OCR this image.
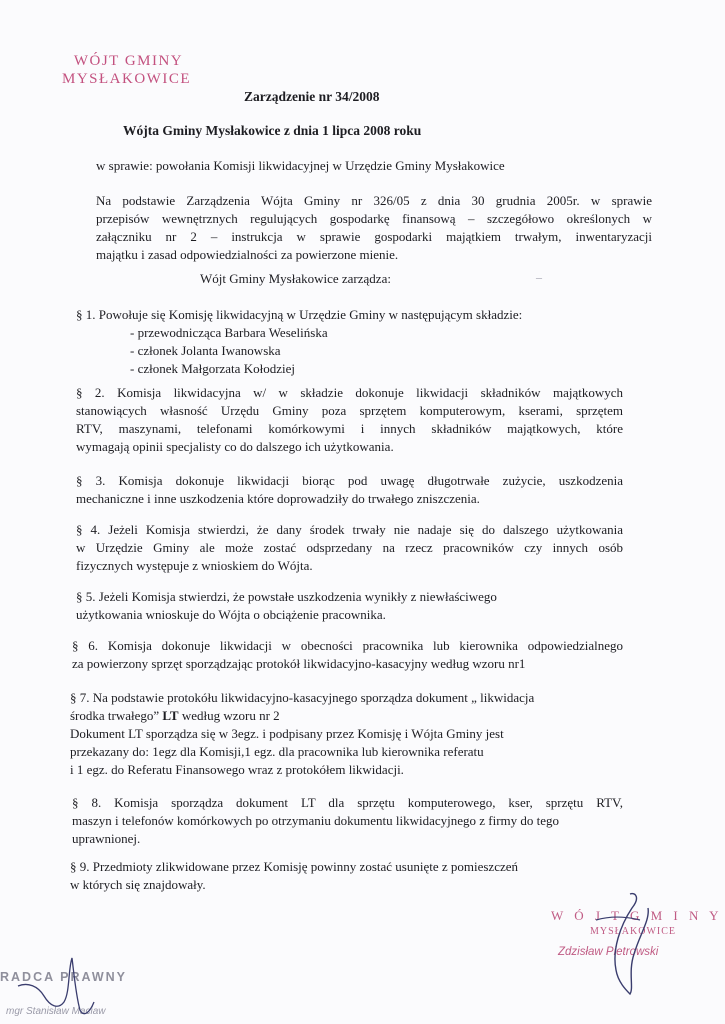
WÓJT GMINY
MYSŁAKOWICE
Zarządzenie nr 34/2008
Wójta Gminy Mysłakowice z dnia 1 lipca 2008 roku
w sprawie: powołania Komisji likwidacyjnej w Urzędzie Gminy Mysłakowice
Na podstawie Zarządzenia Wójta Gminy nr 326/05 z dnia 30 grudnia 2005r. w sprawie
przepisów wewnętrznych regulujących gospodarkę finansową – szczegółowo określonych w
załączniku nr 2 – instrukcja w sprawie gospodarki majątkiem trwałym, inwentaryzacji
majątku i zasad odpowiedzialności za powierzone mienie.
Wójt Gminy Mysłakowice zarządza:
§ 1. Powołuje się Komisję likwidacyjną w Urzędzie Gminy w następującym składzie:
- przewodnicząca Barbara Weselińska
- członek Jolanta Iwanowska
- członek Małgorzata Kołodziej
§ 2. Komisja likwidacyjna w/ w składzie dokonuje likwidacji składników majątkowych
stanowiących własność Urzędu Gminy poza sprzętem komputerowym, kserami, sprzętem
RTV, maszynami, telefonami komórkowymi i innych składników majątkowych, które
wymagają opinii specjalisty co do dalszego ich użytkowania.
§ 3. Komisja dokonuje likwidacji biorąc pod uwagę długotrwałe zużycie, uszkodzenia
mechaniczne i inne uszkodzenia które doprowadziły do trwałego zniszczenia.
§ 4. Jeżeli Komisja stwierdzi, że dany środek trwały nie nadaje się do dalszego użytkowania
w Urzędzie Gminy ale może zostać odsprzedany na rzecz pracowników czy innych osób
fizycznych występuje z wnioskiem do Wójta.
§ 5. Jeżeli Komisja stwierdzi, że powstałe uszkodzenia wynikły z niewłaściwego
użytkowania wnioskuje do Wójta o obciążenie pracownika.
§ 6. Komisja dokonuje likwidacji w obecności pracownika lub kierownika odpowiedzialnego
za powierzony sprzęt sporządzając protokół likwidacyjno-kasacyjny według wzoru nr1
§ 7. Na podstawie protokółu likwidacyjno-kasacyjnego sporządza dokument „ likwidacja
środka trwałego” LT według wzoru nr 2
Dokument LT sporządza się w 3egz. i podpisany przez Komisję i Wójta Gminy jest
przekazany do: 1egz dla Komisji,1 egz. dla pracownika lub kierownika referatu
i 1 egz. do Referatu Finansowego wraz z protokółem likwidacji.
§ 8. Komisja sporządza dokument LT dla sprzętu komputerowego, kser, sprzętu RTV,
maszyn i telefonów komórkowych po otrzymaniu dokumentu likwidacyjnego z firmy do tego
uprawnionej.
§ 9. Przedmioty zlikwidowane przez Komisję powinny zostać usunięte z pomieszczeń
w których się znajdowały.
–
W Ó J T G M I N Y
MYSŁAKOWICE
Zdzisław Pietrowski
RADCA PRAWNY
mgr Stanisław Maciaw
